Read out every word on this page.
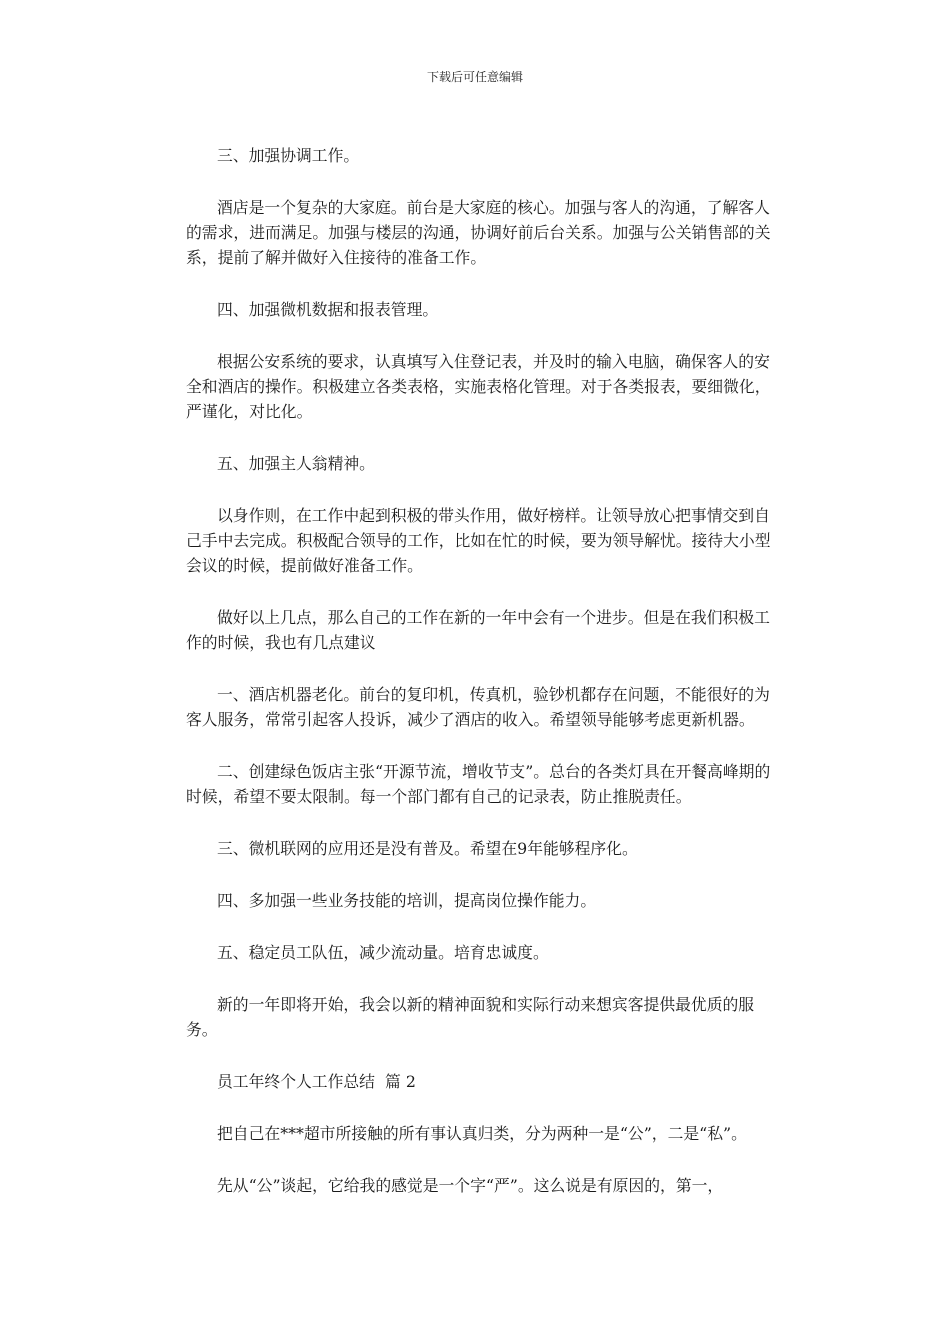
下载后可任意编辑

三、加强协调工作。

酒店是一个复杂的大家庭。前台是大家庭的核心。加强与客人的沟通，了解客人的需求，进而满足。加强与楼层的沟通，协调好前后台关系。加强与公关销售部的关系，提前了解并做好入住接待的准备工作。

四、加强微机数据和报表管理。

根据公安系统的要求，认真填写入住登记表，并及时的输入电脑，确保客人的安全和酒店的操作。积极建立各类表格，实施表格化管理。对于各类报表，要细微化，严谨化，对比化。

五、加强主人翁精神。

以身作则，在工作中起到积极的带头作用，做好榜样。让领导放心把事情交到自己手中去完成。积极配合领导的工作，比如在忙的时候，要为领导解忧。接待大小型会议的时候，提前做好准备工作。

做好以上几点，那么自己的工作在新的一年中会有一个进步。但是在我们积极工作的时候，我也有几点建议

一、酒店机器老化。前台的复印机，传真机，验钞机都存在问题，不能很好的为客人服务，常常引起客人投诉，减少了酒店的收入。希望领导能够考虑更新机器。

二、创建绿色饭店主张“开源节流，增收节支”。总台的各类灯具在开餐高峰期的时候，希望不要太限制。每一个部门都有自己的记录表，防止推脱责任。

三、微机联网的应用还是没有普及。希望在9年能够程序化。

四、多加强一些业务技能的培训，提高岗位操作能力。

五、稳定员工队伍，减少流动量。培育忠诚度。

新的一年即将开始，我会以新的精神面貌和实际行动来想宾客提供最优质的服务。

员工年终个人工作总结  篇 2

把自己在***超市所接触的所有事认真归类，分为两种一是“公”，二是“私”。

先从“公”谈起，它给我的感觉是一个字“严”。这么说是有原因的，第一，
